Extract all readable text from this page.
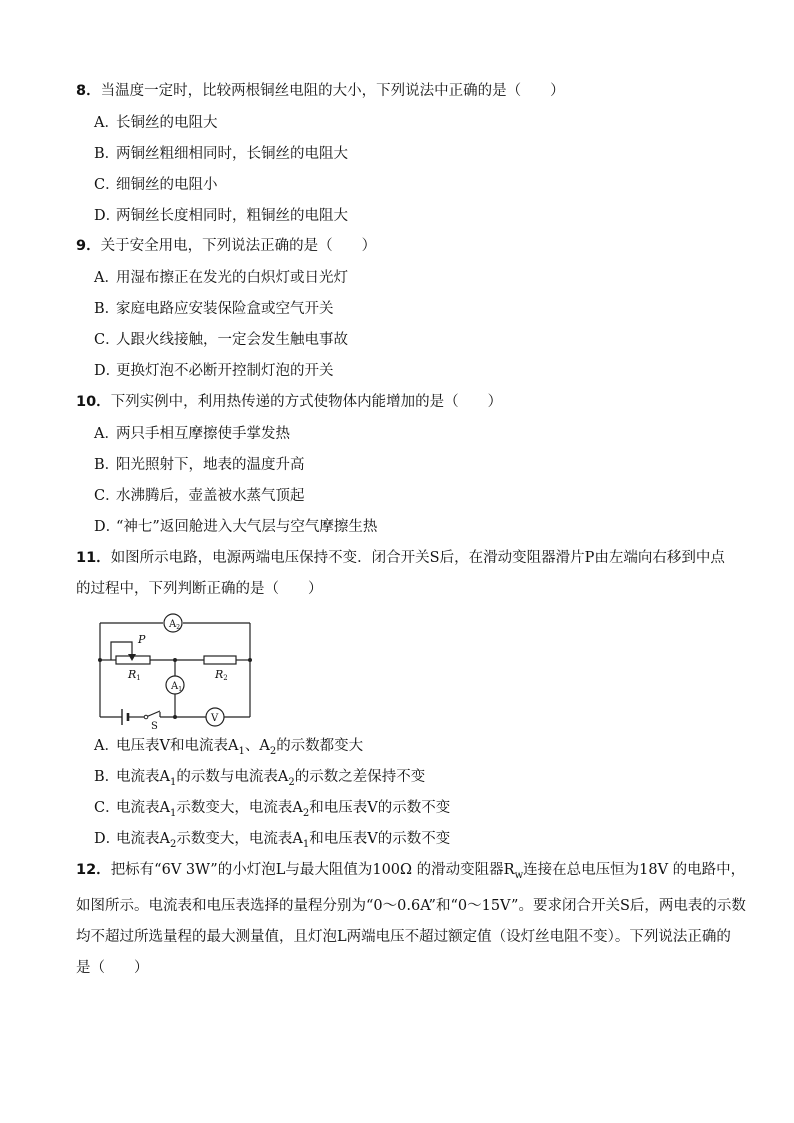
8．当温度一定时，比较两根铜丝电阻的大小，下列说法中正确的是（　　）
A．长铜丝的电阻大
B．两铜丝粗细相同时，长铜丝的电阻大
C．细铜丝的电阻小
D．两铜丝长度相同时，粗铜丝的电阻大
9．关于安全用电，下列说法正确的是（　　）
A．用湿布擦正在发光的白炽灯或日光灯
B．家庭电路应安装保险盒或空气开关
C．人跟火线接触，一定会发生触电事故
D．更换灯泡不必断开控制灯泡的开关
10．下列实例中，利用热传递的方式使物体内能增加的是（　　）
A．两只手相互摩擦使手掌发热
B．阳光照射下，地表的温度升高
C．水沸腾后，壶盖被水蒸气顶起
D．“神七”返回舱进入大气层与空气摩擦生热
11．如图所示电路，电源两端电压保持不变．闭合开关S后，在滑动变阻器滑片P由左端向右移到中点
的过程中，下列判断正确的是（　　）
$A_2$
$A_1$
V
P
R1	R2
S
A．电压表V和电流表$A_1$、$A_2$的示数都变大
B．电流表$A_1$的示数与电流表$A_2$的示数之差保持不变
C．电流表$A_1$示数变大，电流表$A_2$和电压表V的示数不变
D．电流表$A_2$示数变大，电流表$A_1$和电压表V的示数不变
12．把标有“6V 3W”的小灯泡L与最大阻值为100Ω 的滑动变阻器$R_w$连接在总电压恒为18V 的电路中，
如图所示。电流表和电压表选择的量程分别为“0～0.6A”和“0～15V”。要求闭合开关S后，两电表的示数
均不超过所选量程的最大测量值，且灯泡L两端电压不超过额定值（设灯丝电阻不变）。下列说法正确的
是（　　）
